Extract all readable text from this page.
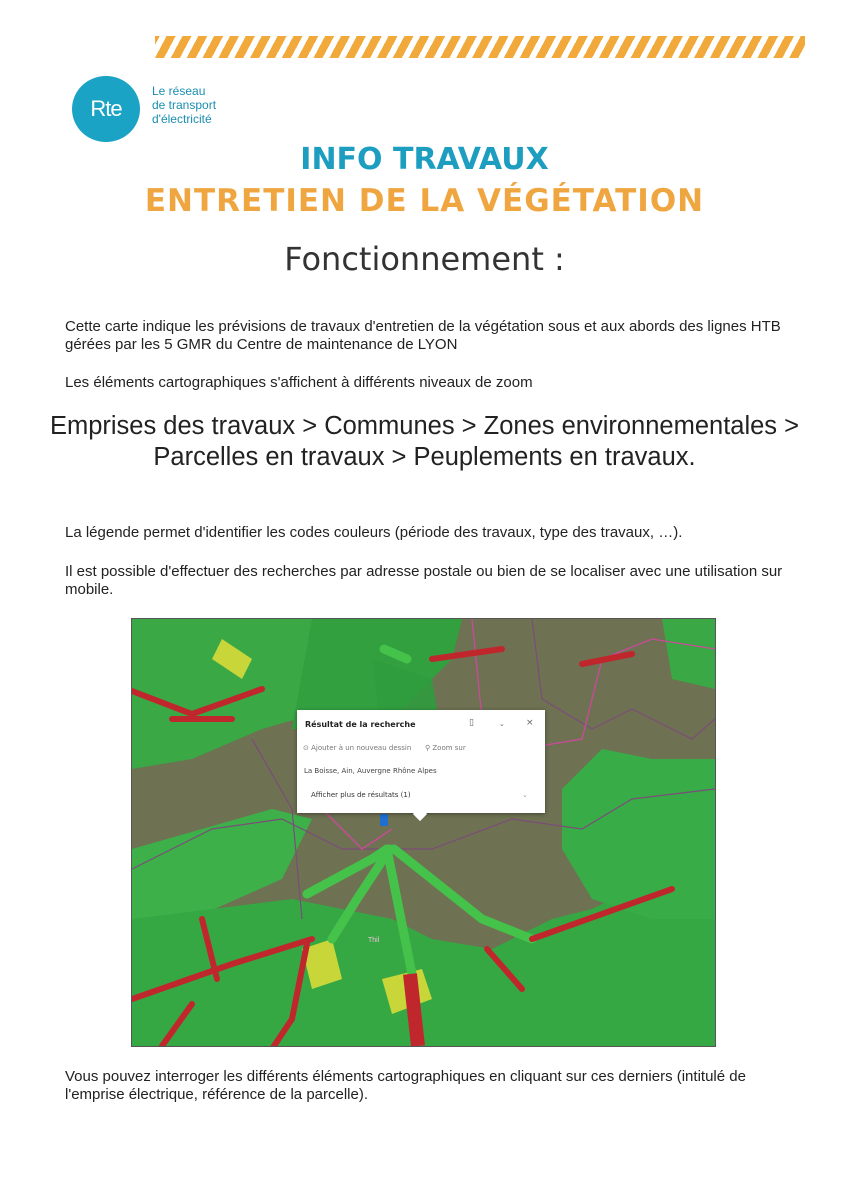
Rte
Le réseau
de transport
d'électricité
INFO TRAVAUX
ENTRETIEN DE LA VÉGÉTATION
Fonctionnement :
Cette carte indique les prévisions de travaux d'entretien de la végétation sous et aux abords des lignes HTB gérées par les 5 GMR du Centre de maintenance de LYON
Les éléments cartographiques s'affichent à différents niveaux de zoom
Emprises des travaux > Communes > Zones environnementales > Parcelles en travaux > Peuplements en travaux.
La légende permet d'identifier les codes couleurs (période des travaux, type des travaux, …).
Il est possible d'effectuer des recherches par adresse postale ou bien de se localiser avec une utilisation sur mobile.
Thil
Résultat de la recherche	▯	⌄ ×
⊙ Ajouter à un nouveau dessin ⚲ Zoom sur
La Boisse, Ain, Auvergne Rhône Alpes
Afficher plus de résultats (1)	⌄
Vous pouvez interroger les différents éléments cartographiques en cliquant sur ces derniers (intitulé de l'emprise électrique, référence de la parcelle).
